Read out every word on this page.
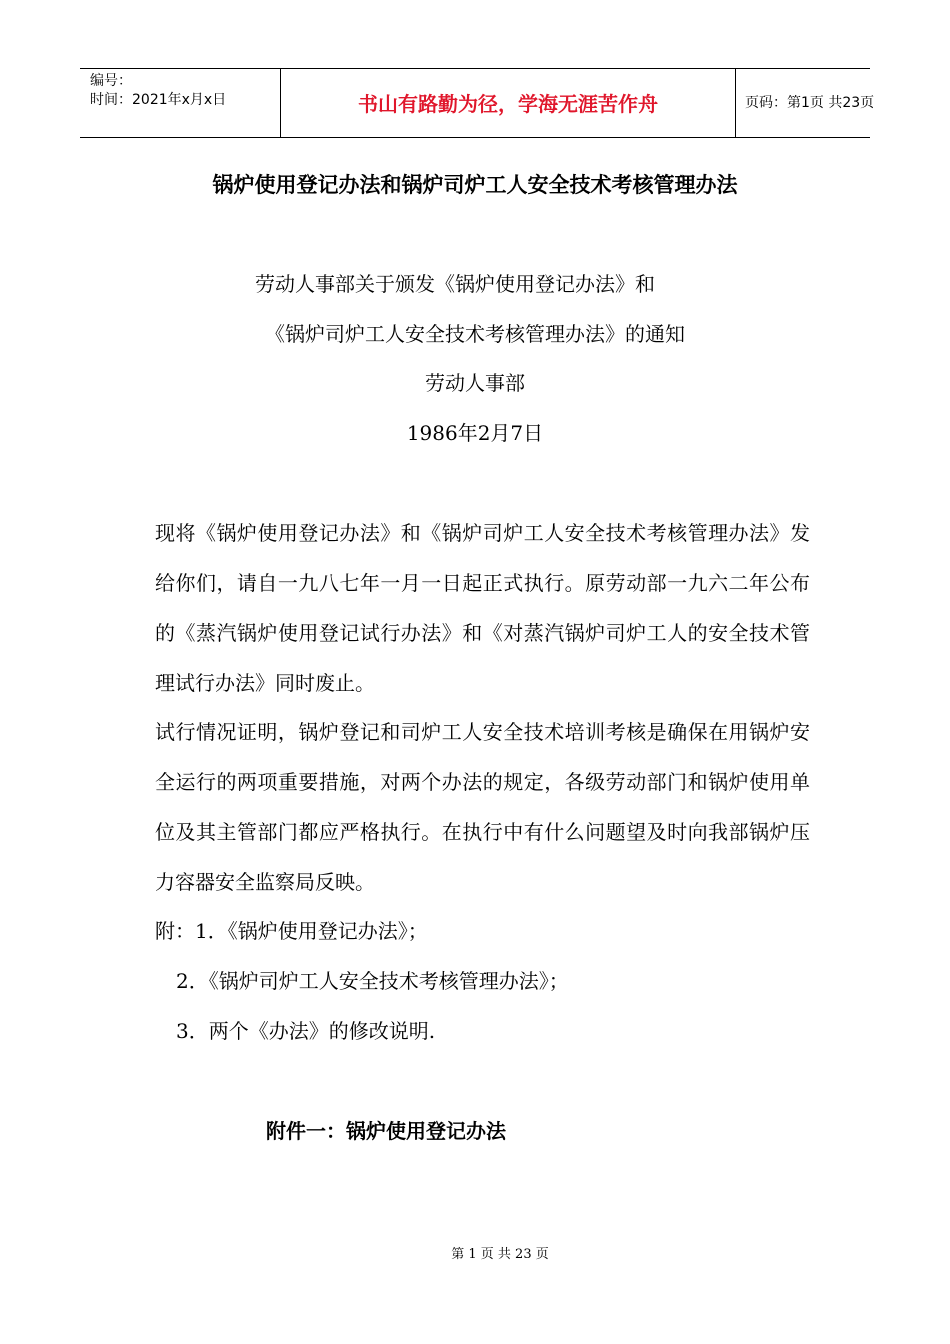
编号：
时间：2021年x月x日	书山有路勤为径，学海无涯苦作舟	页码：第1页 共23页
锅炉使用登记办法和锅炉司炉工人安全技术考核管理办法
劳动人事部关于颁发《锅炉使用登记办法》和
《锅炉司炉工人安全技术考核管理办法》的通知
劳动人事部
1986年2月7日

现将《锅炉使用登记办法》和《锅炉司炉工人安全技术考核管理办法》发给你们，请自一九八七年一月一日起正式执行。原劳动部一九六二年公布的《蒸汽锅炉使用登记试行办法》和《对蒸汽锅炉司炉工人的安全技术管理试行办法》同时废止。

试行情况证明，锅炉登记和司炉工人安全技术培训考核是确保在用锅炉安全运行的两项重要措施，对两个办法的规定，各级劳动部门和锅炉使用单位及其主管部门都应严格执行。在执行中有什么问题望及时向我部锅炉压力容器安全监察局反映。

附：1．《锅炉使用登记办法》；
2．《锅炉司炉工人安全技术考核管理办法》；
3．两个《办法》的修改说明.
附件一：锅炉使用登记办法
第 1 页 共 23 页
